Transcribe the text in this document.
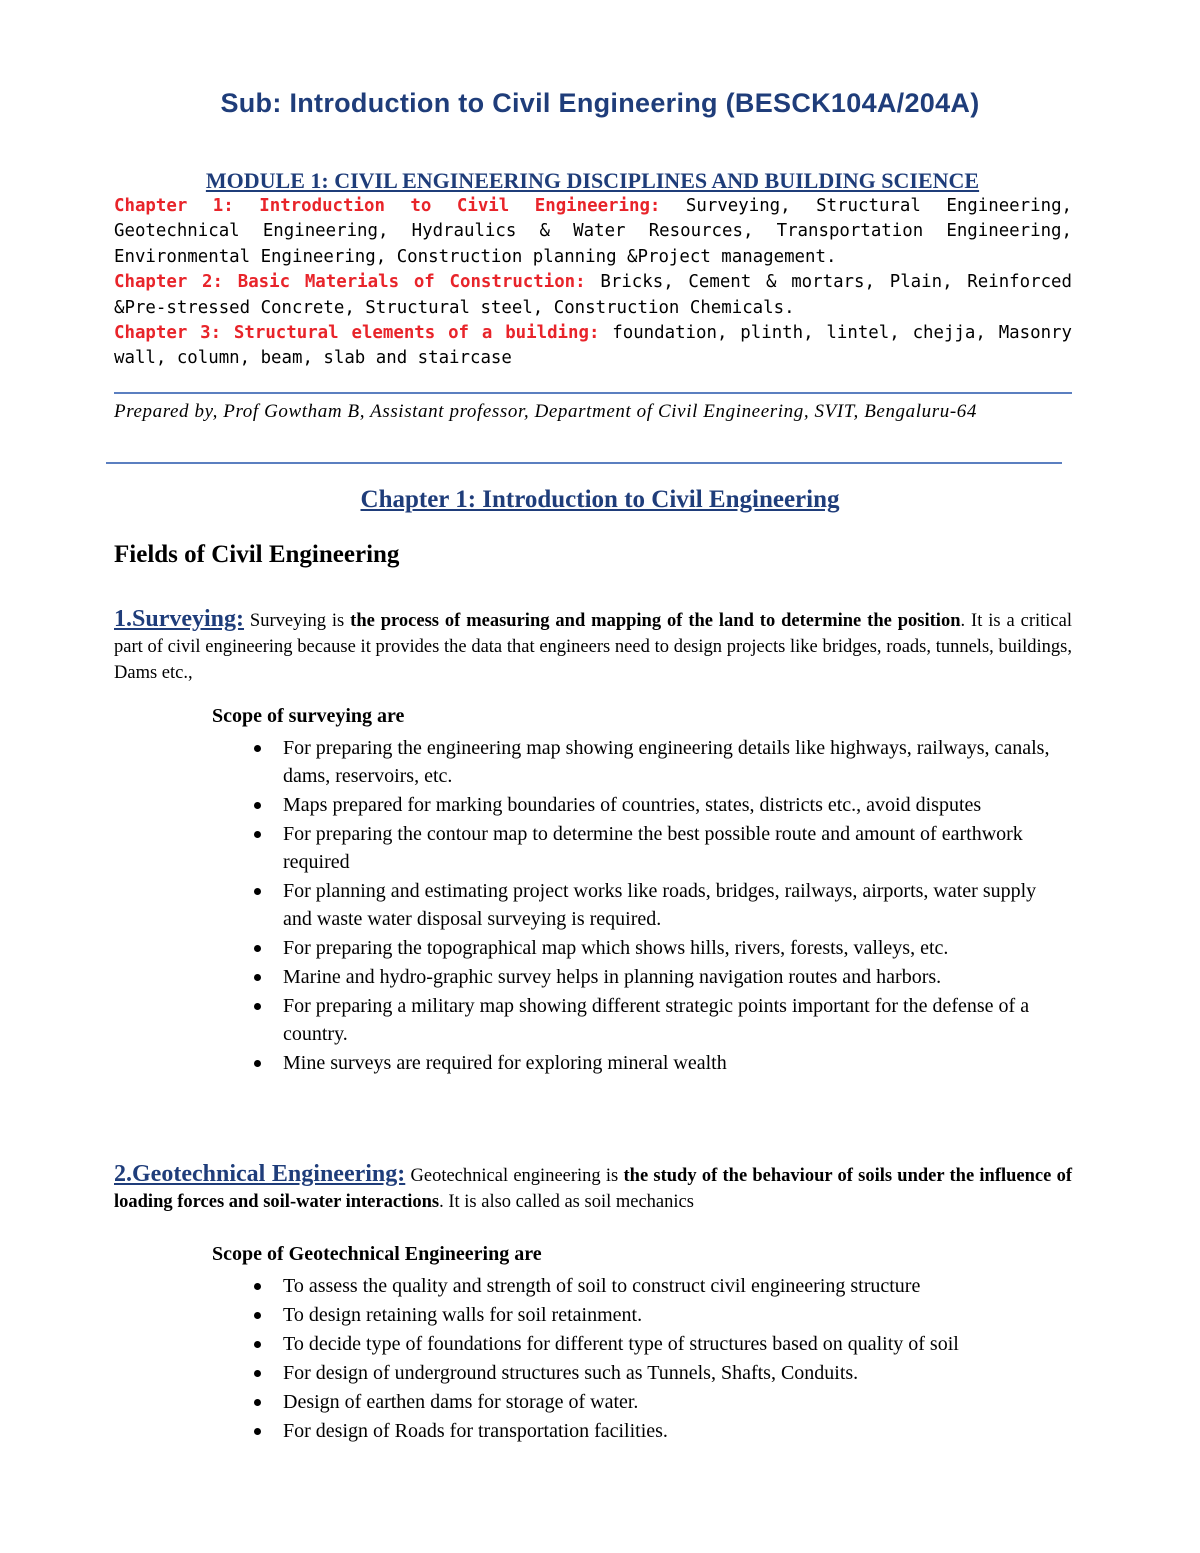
Sub: Introduction to Civil Engineering (BESCK104A/204A)
MODULE 1: CIVIL ENGINEERING DISCIPLINES AND BUILDING SCIENCE

Chapter 1: Introduction to Civil Engineering: Surveying, Structural Engineering, Geotechnical Engineering, Hydraulics & Water Resources, Transportation Engineering, Environmental Engineering, Construction planning &Project management.

Chapter 2: Basic Materials of Construction: Bricks, Cement & mortars, Plain, Reinforced &Pre-stressed Concrete, Structural steel, Construction Chemicals.

Chapter 3: Structural elements of a building: foundation, plinth, lintel, chejja, Masonry wall, column, beam, slab and staircase

Prepared by, Prof Gowtham B, Assistant professor, Department of Civil Engineering, SVIT, Bengaluru-64
Chapter 1: Introduction to Civil Engineering
Fields of Civil Engineering
1.Surveying: Surveying is the process of measuring and mapping of the land to determine the position. It is a critical part of civil engineering because it provides the data that engineers need to design projects like bridges, roads, tunnels, buildings, Dams etc.,
Scope of surveying are
For preparing the engineering map showing engineering details like highways, railways, canals, dams, reservoirs, etc.
Maps prepared for marking boundaries of countries, states, districts etc., avoid disputes
For preparing the contour map to determine the best possible route and amount of earthwork required
For planning and estimating project works like roads, bridges, railways, airports, water supply and waste water disposal surveying is required.
For preparing the topographical map which shows hills, rivers, forests, valleys, etc.
Marine and hydro-graphic survey helps in planning navigation routes and harbors.
For preparing a military map showing different strategic points important for the defense of a country.
Mine surveys are required for exploring mineral wealth
2.Geotechnical Engineering: Geotechnical engineering is the study of the behaviour of soils under the influence of loading forces and soil-water interactions. It is also called as soil mechanics
Scope of Geotechnical Engineering are
To assess the quality and strength of soil to construct civil engineering structure
To design retaining walls for soil retainment.
To decide type of foundations for different type of structures based on quality of soil
For design of underground structures such as Tunnels, Shafts, Conduits.
Design of earthen dams for storage of water.
For design of Roads for transportation facilities.
